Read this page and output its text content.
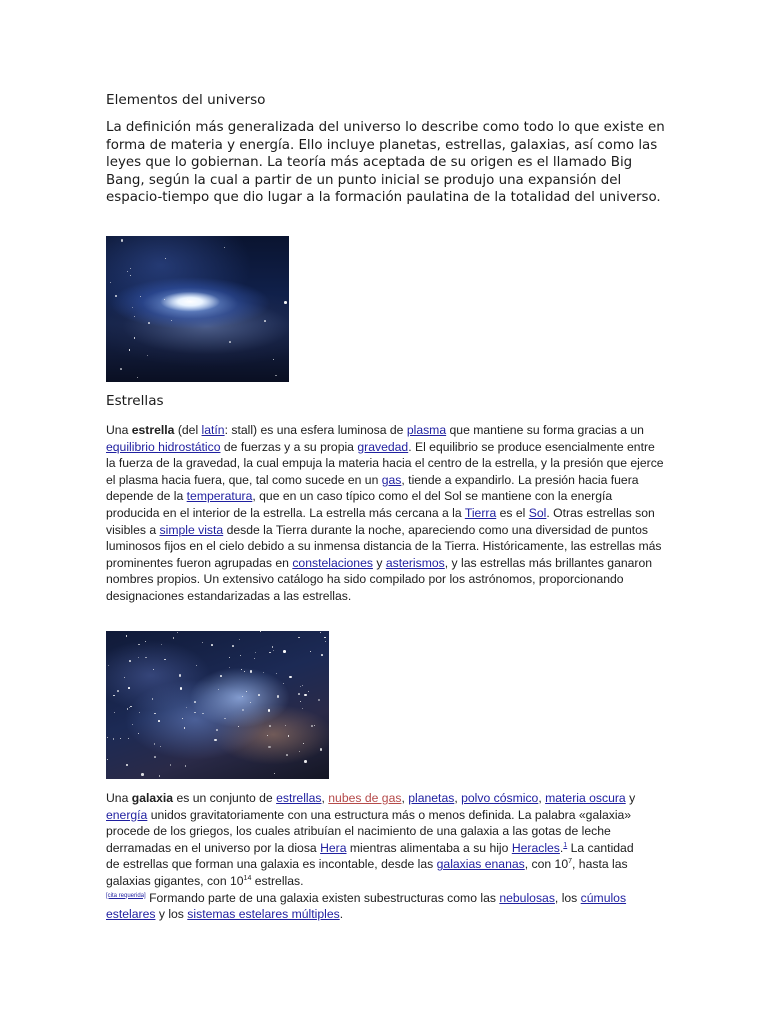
Elementos del universo

La definición más generalizada del universo lo describe como todo lo que existe en forma de materia y energía. Ello incluye planetas, estrellas, galaxias, así como las leyes que lo gobiernan. La teoría más aceptada de su origen es el llamado Big Bang, según la cual a partir de un punto inicial se produjo una expansión del espacio-tiempo que dio lugar a la formación paulatina de la totalidad del universo.

Estrellas

Una estrella (del latín: stall) es una esfera luminosa de plasma que mantiene su forma gracias a un equilibrio hidrostático de fuerzas y a su propia gravedad. El equilibrio se produce esencialmente entre la fuerza de la gravedad, la cual empuja la materia hacia el centro de la estrella, y la presión que ejerce el plasma hacia fuera, que, tal como sucede en un gas, tiende a expandirlo. La presión hacia fuera depende de la temperatura, que en un caso típico como el del Sol se mantiene con la energía producida en el interior de la estrella. La estrella más cercana a la Tierra es el Sol. Otras estrellas son visibles a simple vista desde la Tierra durante la noche, apareciendo como una diversidad de puntos luminosos fijos en el cielo debido a su inmensa distancia de la Tierra. Históricamente, las estrellas más prominentes fueron agrupadas en constelaciones y asterismos, y las estrellas más brillantes ganaron nombres propios. Un extensivo catálogo ha sido compilado por los astrónomos, proporcionando designaciones estandarizadas a las estrellas.

Una galaxia es un conjunto de estrellas, nubes de gas, planetas, polvo cósmico, materia oscura y energía unidos gravitatoriamente con una estructura más o menos definida. La palabra «galaxia» procede de los griegos, los cuales atribuían el nacimiento de una galaxia a las gotas de leche derramadas en el universo por la diosa Hera mientras alimentaba a su hijo Heracles.$^1$ La cantidad de estrellas que forman una galaxia es incontable, desde las galaxias enanas, con $10^7$, hasta las galaxias gigantes, con $10^{14}$ estrellas.
[cita requerida] Formando parte de una galaxia existen subestructuras como las nebulosas, los cúmulos estelares y los sistemas estelares múltiples.
